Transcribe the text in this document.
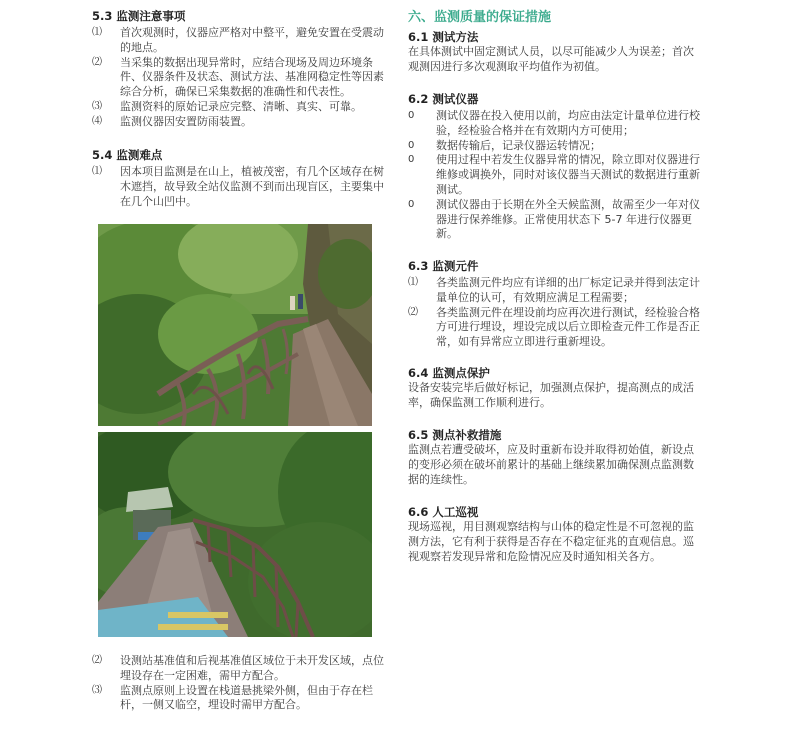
5.3 监测注意事项

⑴ 首次观测时，仪器应严格对中整平，避免安置在受震动的地点。
⑵ 当采集的数据出现异常时，应结合现场及周边环境条件、仪器条件及状态、测试方法、基准网稳定性等因素综合分析，确保已采集数据的准确性和代表性。
⑶ 监测资料的原始记录应完整、清晰、真实、可靠。
⑷ 监测仪器因安置防雨装置。

5.4 监测难点

⑴ 因本项目监测是在山上，植被茂密，有几个区域存在树木遮挡，故导致全站仪监测不到而出现盲区，主要集中在几个山凹中。
⑵ 设测站基准值和后视基准值区域位于未开发区域，点位埋设存在一定困难，需甲方配合。
⑶ 监测点原则上设置在栈道悬挑梁外侧，但由于存在栏杆，一侧又临空，埋设时需甲方配合。

六、监测质量的保证措施

6.1 测试方法

在具体测试中固定测试人员，以尽可能减少人为误差；首次观测因进行多次观测取平均值作为初值。

6.2 测试仪器

0 测试仪器在投入使用以前，均应由法定计量单位进行校验，经检验合格并在有效期内方可使用；
0 数据传输后，记录仪器运转情况；
0 使用过程中若发生仪器异常的情况，除立即对仪器进行维修或调换外，同时对该仪器当天测试的数据进行重新测试。
0 测试仪器由于长期在外全天候监测，故需至少一年对仪器进行保养维修。正常使用状态下 5-7 年进行仪器更新。

6.3 监测元件

⑴ 各类监测元件均应有详细的出厂标定记录并得到法定计量单位的认可，有效期应满足工程需要；
⑵ 各类监测元件在埋设前均应再次进行测试，经检验合格方可进行埋设，埋设完成以后立即检查元件工作是否正常，如有异常应立即进行重新埋设。

6.4 监测点保护

设备安装完毕后做好标记，加强测点保护，提高测点的成活率，确保监测工作顺利进行。

6.5 测点补救措施

监测点若遭受破坏，应及时重新布设并取得初始值，新设点的变形必须在破坏前累计的基础上继续累加确保测点监测数据的连续性。

6.6 人工巡视

现场巡视，用目测观察结构与山体的稳定性是不可忽视的监测方法，它有利于获得是否存在不稳定征兆的直观信息。巡视观察若发现异常和危险情况应及时通知相关各方。
